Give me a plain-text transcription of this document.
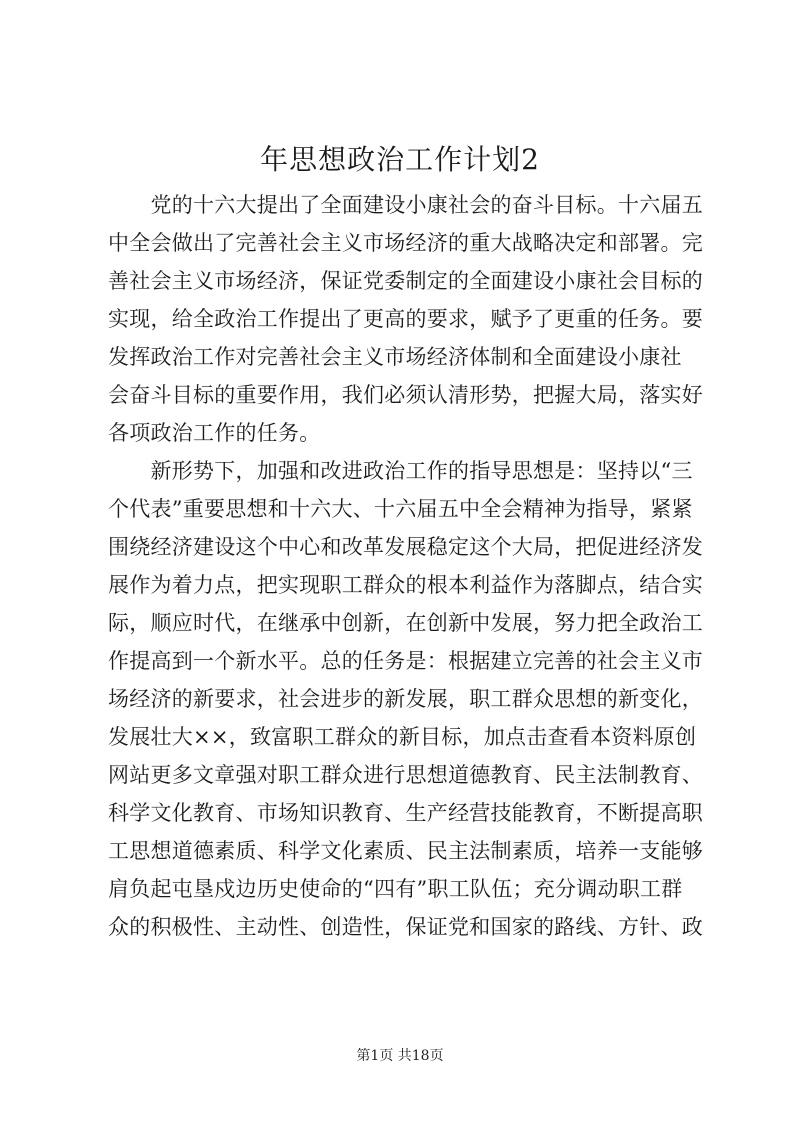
年思想政治工作计划2
　　党的十六大提出了全面建设小康社会的奋斗目标。十六届五
中全会做出了完善社会主义市场经济的重大战略决定和部署。完
善社会主义市场经济，保证党委制定的全面建设小康社会目标的
实现，给全政治工作提出了更高的要求，赋予了更重的任务。要
发挥政治工作对完善社会主义市场经济体制和全面建设小康社
会奋斗目标的重要作用，我们必须认清形势，把握大局，落实好
各项政治工作的任务。
　　新形势下，加强和改进政治工作的指导思想是：坚持以“三
个代表”重要思想和十六大、十六届五中全会精神为指导，紧紧
围绕经济建设这个中心和改革发展稳定这个大局，把促进经济发
展作为着力点，把实现职工群众的根本利益作为落脚点，结合实
际，顺应时代，在继承中创新，在创新中发展，努力把全政治工
作提高到一个新水平。总的任务是：根据建立完善的社会主义市
场经济的新要求，社会进步的新发展，职工群众思想的新变化，
发展壮大××，致富职工群众的新目标，加点击查看本资料原创
网站更多文章强对职工群众进行思想道德教育、民主法制教育、
科学文化教育、市场知识教育、生产经营技能教育，不断提高职
工思想道德素质、科学文化素质、民主法制素质，培养一支能够
肩负起屯垦戍边历史使命的“四有”职工队伍；充分调动职工群
众的积极性、主动性、创造性，保证党和国家的路线、方针、政
第1页 共18页
